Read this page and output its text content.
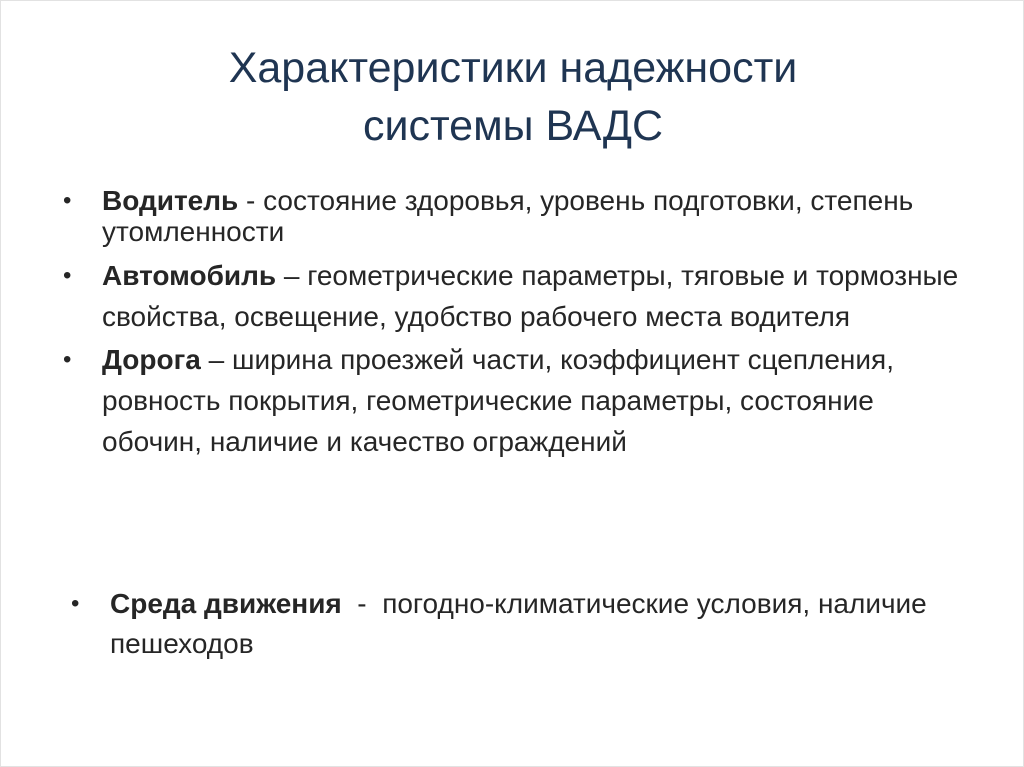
Характеристики надежности
системы ВАДС
• Водитель - состояние здоровья, уровень подготовки, степень утомленности
• Автомобиль – геометрические параметры, тяговые и тормозные свойства, освещение, удобство рабочего места водителя
• Дорога – ширина проезжей части, коэффициент сцепления, ровность покрытия, геометрические параметры, состояние обочин, наличие и качество ограждений
• Среда движения  -  погодно-климатические условия, наличие пешеходов
